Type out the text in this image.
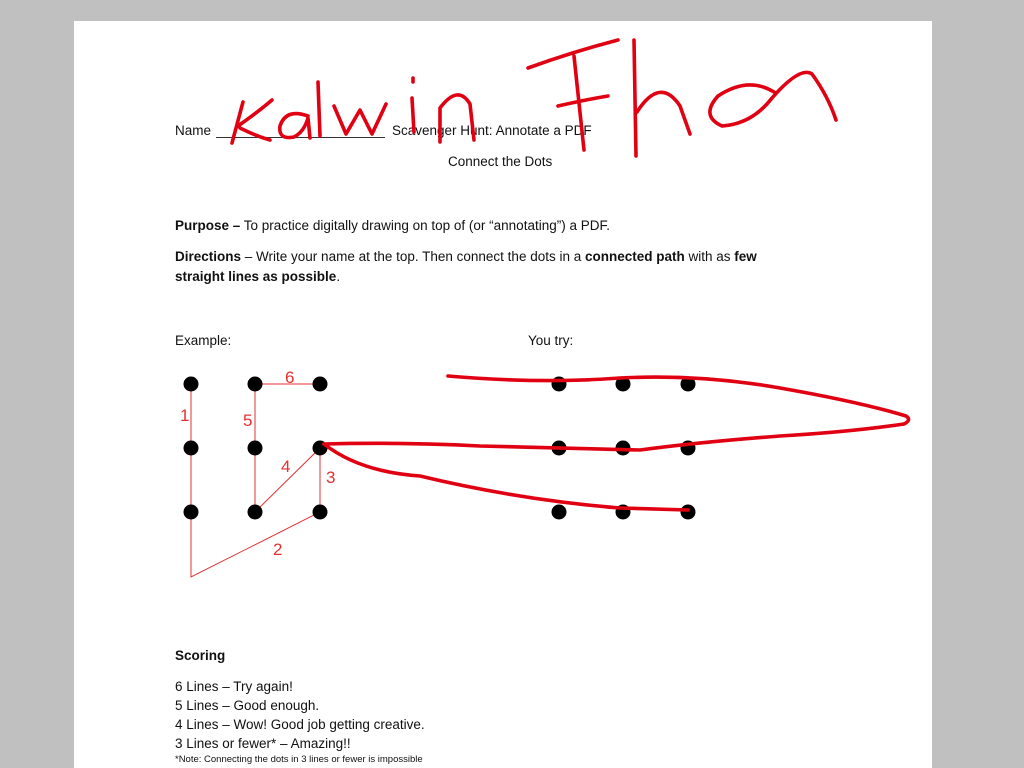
Name	Scavenger Hunt: Annotate a PDF
Connect the Dots
Purpose – To practice digitally drawing on top of (or “annotating”) a PDF.
Directions – Write your name at the top. Then connect the dots in a connected path with as few
straight lines as possible.
Example:	You try:
1
2
3
4
5
6
Scoring
6 Lines – Try again!
5 Lines – Good enough.
4 Lines – Wow! Good job getting creative.
3 Lines or fewer* – Amazing!!
*Note: Connecting the dots in 3 lines or fewer is impossible
